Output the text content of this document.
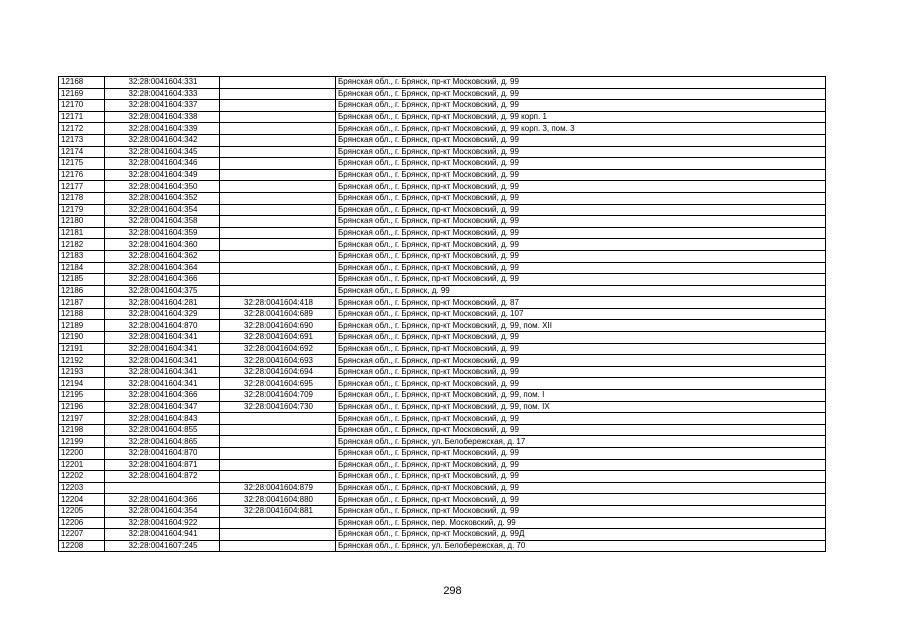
12168	32:28:0041604:331		Брянская обл., г. Брянск, пр-кт Московский, д. 99
12169	32:28:0041604:333		Брянская обл., г. Брянск, пр-кт Московский, д. 99
12170	32:28:0041604:337		Брянская обл., г. Брянск, пр-кт Московский, д. 99
12171	32:28:0041604:338		Брянская обл., г. Брянск, пр-кт Московский, д. 99 корп. 1
12172	32:28:0041604:339		Брянская обл., г. Брянск, пр-кт Московский, д. 99 корп. 3, пом. 3
12173	32:28:0041604:342		Брянская обл., г. Брянск, пр-кт Московский, д. 99
12174	32:28:0041604:345		Брянская обл., г. Брянск, пр-кт Московский, д. 99
12175	32:28:0041604:346		Брянская обл., г. Брянск, пр-кт Московский, д. 99
12176	32:28:0041604:349		Брянская обл., г. Брянск, пр-кт Московский, д. 99
12177	32:28:0041604:350		Брянская обл., г. Брянск, пр-кт Московский, д. 99
12178	32:28:0041604:352		Брянская обл., г. Брянск, пр-кт Московский, д. 99
12179	32:28:0041604:354		Брянская обл., г. Брянск, пр-кт Московский, д. 99
12180	32:28:0041604:358		Брянская обл., г. Брянск, пр-кт Московский, д. 99
12181	32:28:0041604:359		Брянская обл., г. Брянск, пр-кт Московский, д. 99
12182	32:28:0041604:360		Брянская обл., г. Брянск, пр-кт Московский, д. 99
12183	32:28:0041604:362		Брянская обл., г. Брянск, пр-кт Московский, д. 99
12184	32:28:0041604:364		Брянская обл., г. Брянск, пр-кт Московский, д. 99
12185	32:28:0041604:366		Брянская обл., г. Брянск, пр-кт Московский, д. 99
12186	32:28:0041604:375		Брянская обл., г. Брянск, д. 99
12187	32:28:0041604:281	32:28:0041604:418	Брянская обл., г. Брянск, пр-кт Московский, д. 87
12188	32:28:0041604:329	32:28:0041604:689	Брянская обл., г. Брянск, пр-кт Московский, д. 107
12189	32:28:0041604:870	32:28:0041604:690	Брянская обл., г. Брянск, пр-кт Московский, д. 99, пом. XII
12190	32:28:0041604:341	32:28:0041604:691	Брянская обл., г. Брянск, пр-кт Московский, д. 99
12191	32:28:0041604:341	32:28:0041604:692	Брянская обл., г. Брянск, пр-кт Московский, д. 99
12192	32:28:0041604:341	32:28:0041604:693	Брянская обл., г. Брянск, пр-кт Московский, д. 99
12193	32:28:0041604:341	32:28:0041604:694	Брянская обл., г. Брянск, пр-кт Московский, д. 99
12194	32:28:0041604:341	32:28:0041604:695	Брянская обл., г. Брянск, пр-кт Московский, д. 99
12195	32:28:0041604:366	32:28:0041604:709	Брянская обл., г. Брянск, пр-кт Московский, д. 99, пом. I
12196	32:28:0041604:347	32:28:0041604:730	Брянская обл., г. Брянск, пр-кт Московский, д. 99, пом. IX
12197	32:28:0041604:843		Брянская обл., г. Брянск, пр-кт Московский, д. 99
12198	32:28:0041604:855		Брянская обл., г. Брянск, пр-кт Московский, д. 99
12199	32:28:0041604:865		Брянская обл., г. Брянск, ул. Белобережская, д. 17
12200	32:28:0041604:870		Брянская обл., г. Брянск, пр-кт Московский, д. 99
12201	32:28:0041604:871		Брянская обл., г. Брянск, пр-кт Московский, д. 99
12202	32:28:0041604:872		Брянская обл., г. Брянск, пр-кт Московский, д. 99
12203		32:28:0041604:879	Брянская обл., г. Брянск, пр-кт Московский, д. 99
12204	32:28:0041604:366	32:28:0041604:880	Брянская обл., г. Брянск, пр-кт Московский, д. 99
12205	32:28:0041604:354	32:28:0041604:881	Брянская обл., г. Брянск, пр-кт Московский, д. 99
12206	32:28:0041604:922		Брянская обл., г. Брянск, пер. Московский, д. 99
12207	32:28:0041604:941		Брянская обл., г. Брянск, пр-кт Московский, д. 99Д
12208	32:28:0041607:245		Брянская обл., г. Брянск, ул. Белобережская, д. 70
298
